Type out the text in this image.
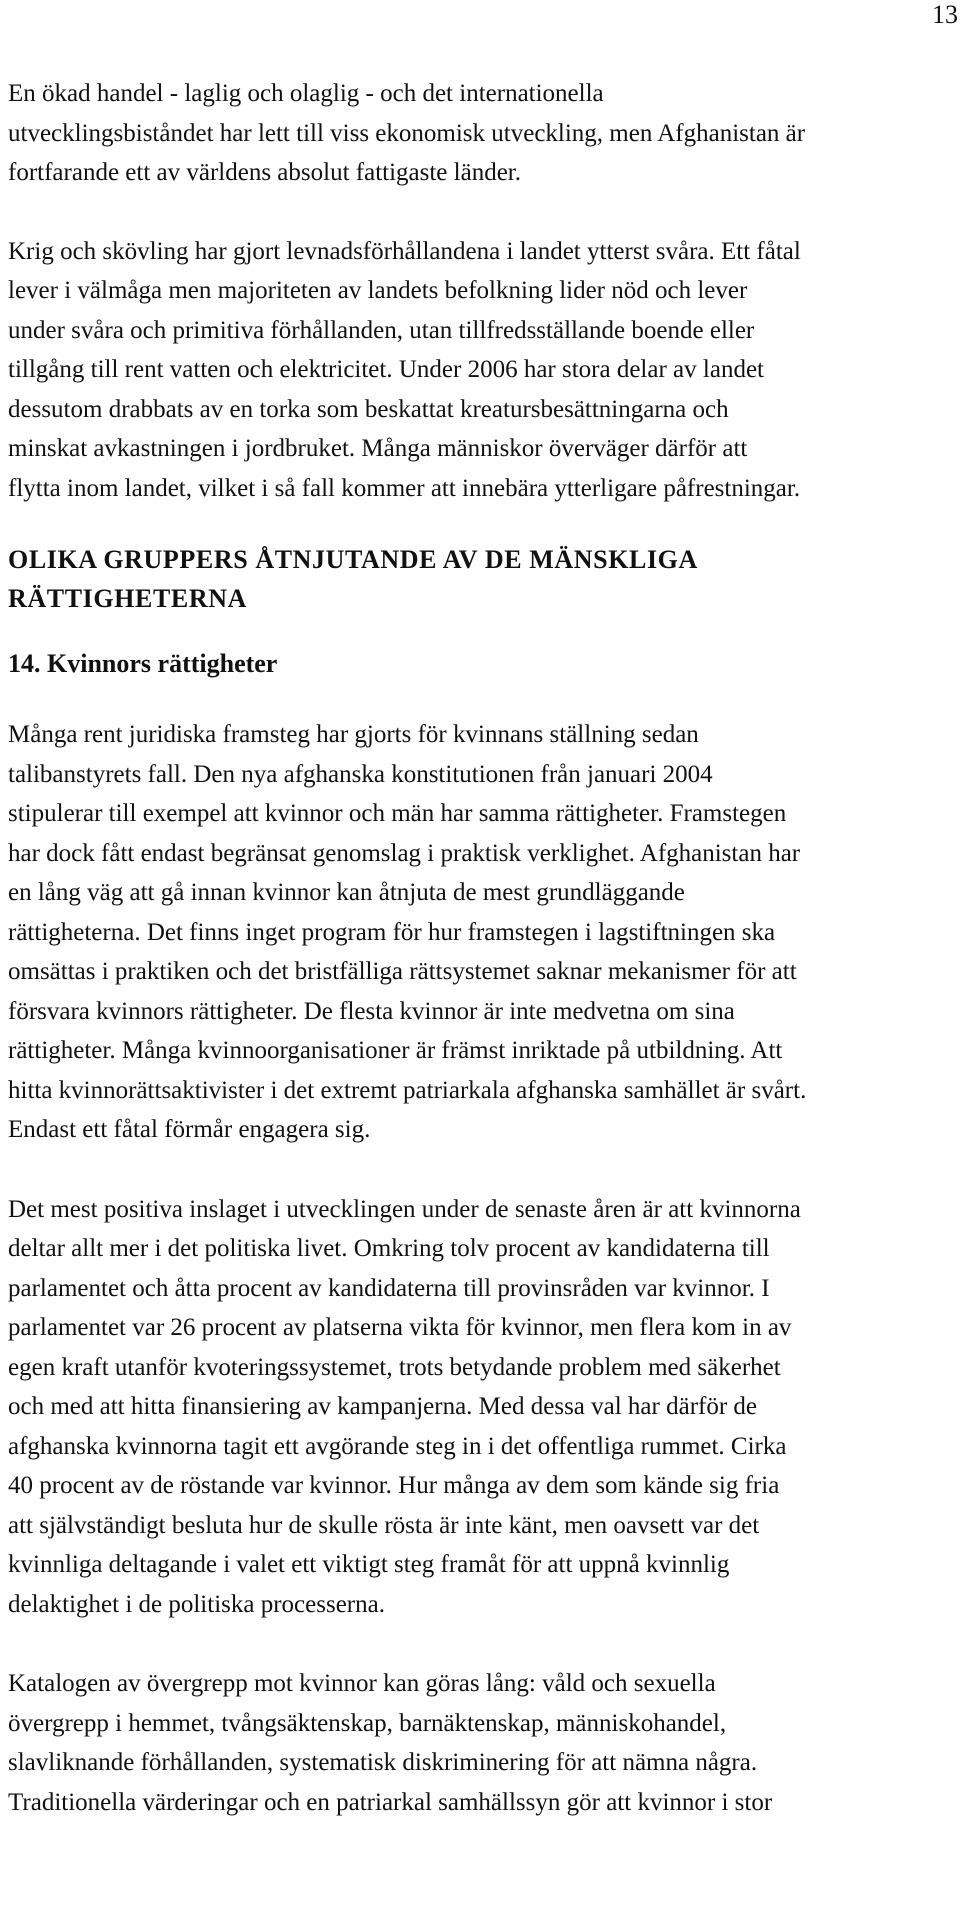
13

En ökad handel - laglig och olaglig - och det internationella
utvecklingsbiståndet har lett till viss ekonomisk utveckling, men Afghanistan är
fortfarande ett av världens absolut fattigaste länder.

Krig och skövling har gjort levnadsförhållandena i landet ytterst svåra. Ett fåtal
lever i välmåga men majoriteten av landets befolkning lider nöd och lever
under svåra och primitiva förhållanden, utan tillfredsställande boende eller
tillgång till rent vatten och elektricitet. Under 2006 har stora delar av landet
dessutom drabbats av en torka som beskattat kreatursbesättningarna och
minskat avkastningen i jordbruket. Många människor överväger därför att
flytta inom landet, vilket i så fall kommer att innebära ytterligare påfrestningar.

OLIKA GRUPPERS ÅTNJUTANDE AV DE MÄNSKLIGA
RÄTTIGHETERNA
14. Kvinnors rättigheter

Många rent juridiska framsteg har gjorts för kvinnans ställning sedan
talibanstyrets fall. Den nya afghanska konstitutionen från januari 2004
stipulerar till exempel att kvinnor och män har samma rättigheter. Framstegen
har dock fått endast begränsat genomslag i praktisk verklighet. Afghanistan har
en lång väg att gå innan kvinnor kan åtnjuta de mest grundläggande
rättigheterna. Det finns inget program för hur framstegen i lagstiftningen ska
omsättas i praktiken och det bristfälliga rättsystemet saknar mekanismer för att
försvara kvinnors rättigheter. De flesta kvinnor är inte medvetna om sina
rättigheter. Många kvinnoorganisationer är främst inriktade på utbildning. Att
hitta kvinnorättsaktivister i det extremt patriarkala afghanska samhället är svårt.
Endast ett fåtal förmår engagera sig.

Det mest positiva inslaget i utvecklingen under de senaste åren är att kvinnorna
deltar allt mer i det politiska livet. Omkring tolv procent av kandidaterna till
parlamentet och åtta procent av kandidaterna till provinsråden var kvinnor. I
parlamentet var 26 procent av platserna vikta för kvinnor, men flera kom in av
egen kraft utanför kvoteringssystemet, trots betydande problem med säkerhet
och med att hitta finansiering av kampanjerna. Med dessa val har därför de
afghanska kvinnorna tagit ett avgörande steg in i det offentliga rummet. Cirka
40 procent av de röstande var kvinnor. Hur många av dem som kände sig fria
att självständigt besluta hur de skulle rösta är inte känt, men oavsett var det
kvinnliga deltagande i valet ett viktigt steg framåt för att uppnå kvinnlig
delaktighet i de politiska processerna.

Katalogen av övergrepp mot kvinnor kan göras lång: våld och sexuella
övergrepp i hemmet, tvångsäktenskap, barnäktenskap, människohandel,
slavliknande förhållanden, systematisk diskriminering för att nämna några.
Traditionella värderingar och en patriarkal samhällssyn gör att kvinnor i stor
